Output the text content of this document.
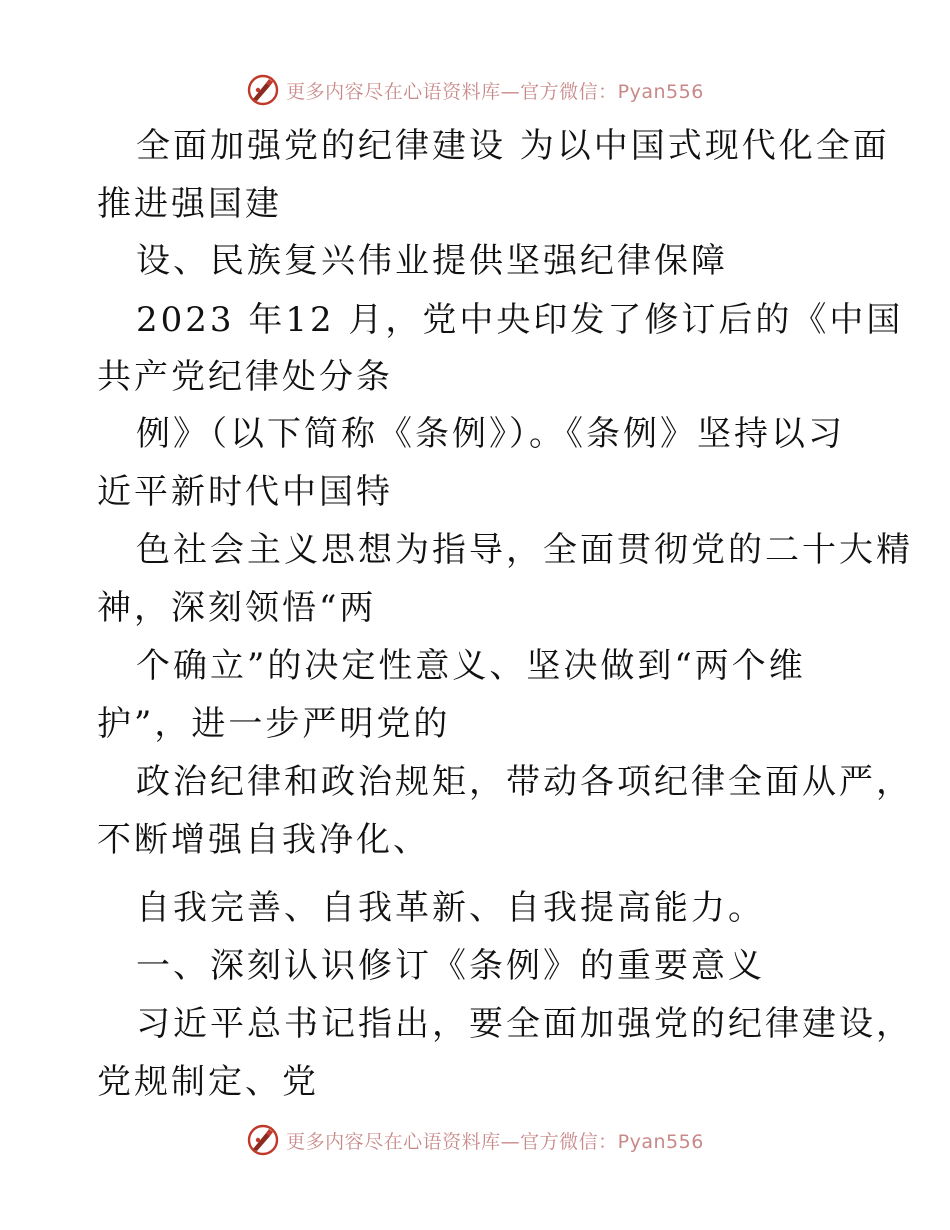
更多内容尽在心语资料库—官方微信：Pyan556
全面加强党的纪律建设 为以中国式现代化全面
推进强国建
设、民族复兴伟业提供坚强纪律保障
2023 年12 月，党中央印发了修订后的《中国
共产党纪律处分条
例》（以下简称《条例》）。《条例》坚持以习
近平新时代中国特
色社会主义思想为指导，全面贯彻党的二十大精
神，深刻领悟“两
个确立”的决定性意义、坚决做到“两个维
护”，进一步严明党的
政治纪律和政治规矩，带动各项纪律全面从严，
不断增强自我净化、
自我完善、自我革新、自我提高能力。
一、深刻认识修订《条例》的重要意义
习近平总书记指出，要全面加强党的纪律建设，
党规制定、党
更多内容尽在心语资料库—官方微信：Pyan556
